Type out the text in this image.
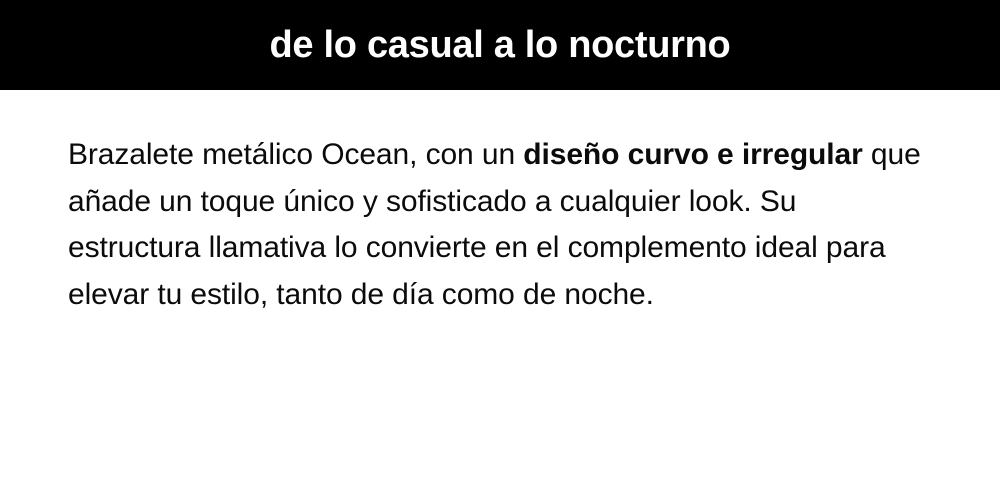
de lo casual a lo nocturno

Brazalete metálico Ocean, con un diseño curvo e irregular que añade un toque único y sofisticado a cualquier look. Su estructura llamativa lo convierte en el complemento ideal para elevar tu estilo, tanto de día como de noche.
